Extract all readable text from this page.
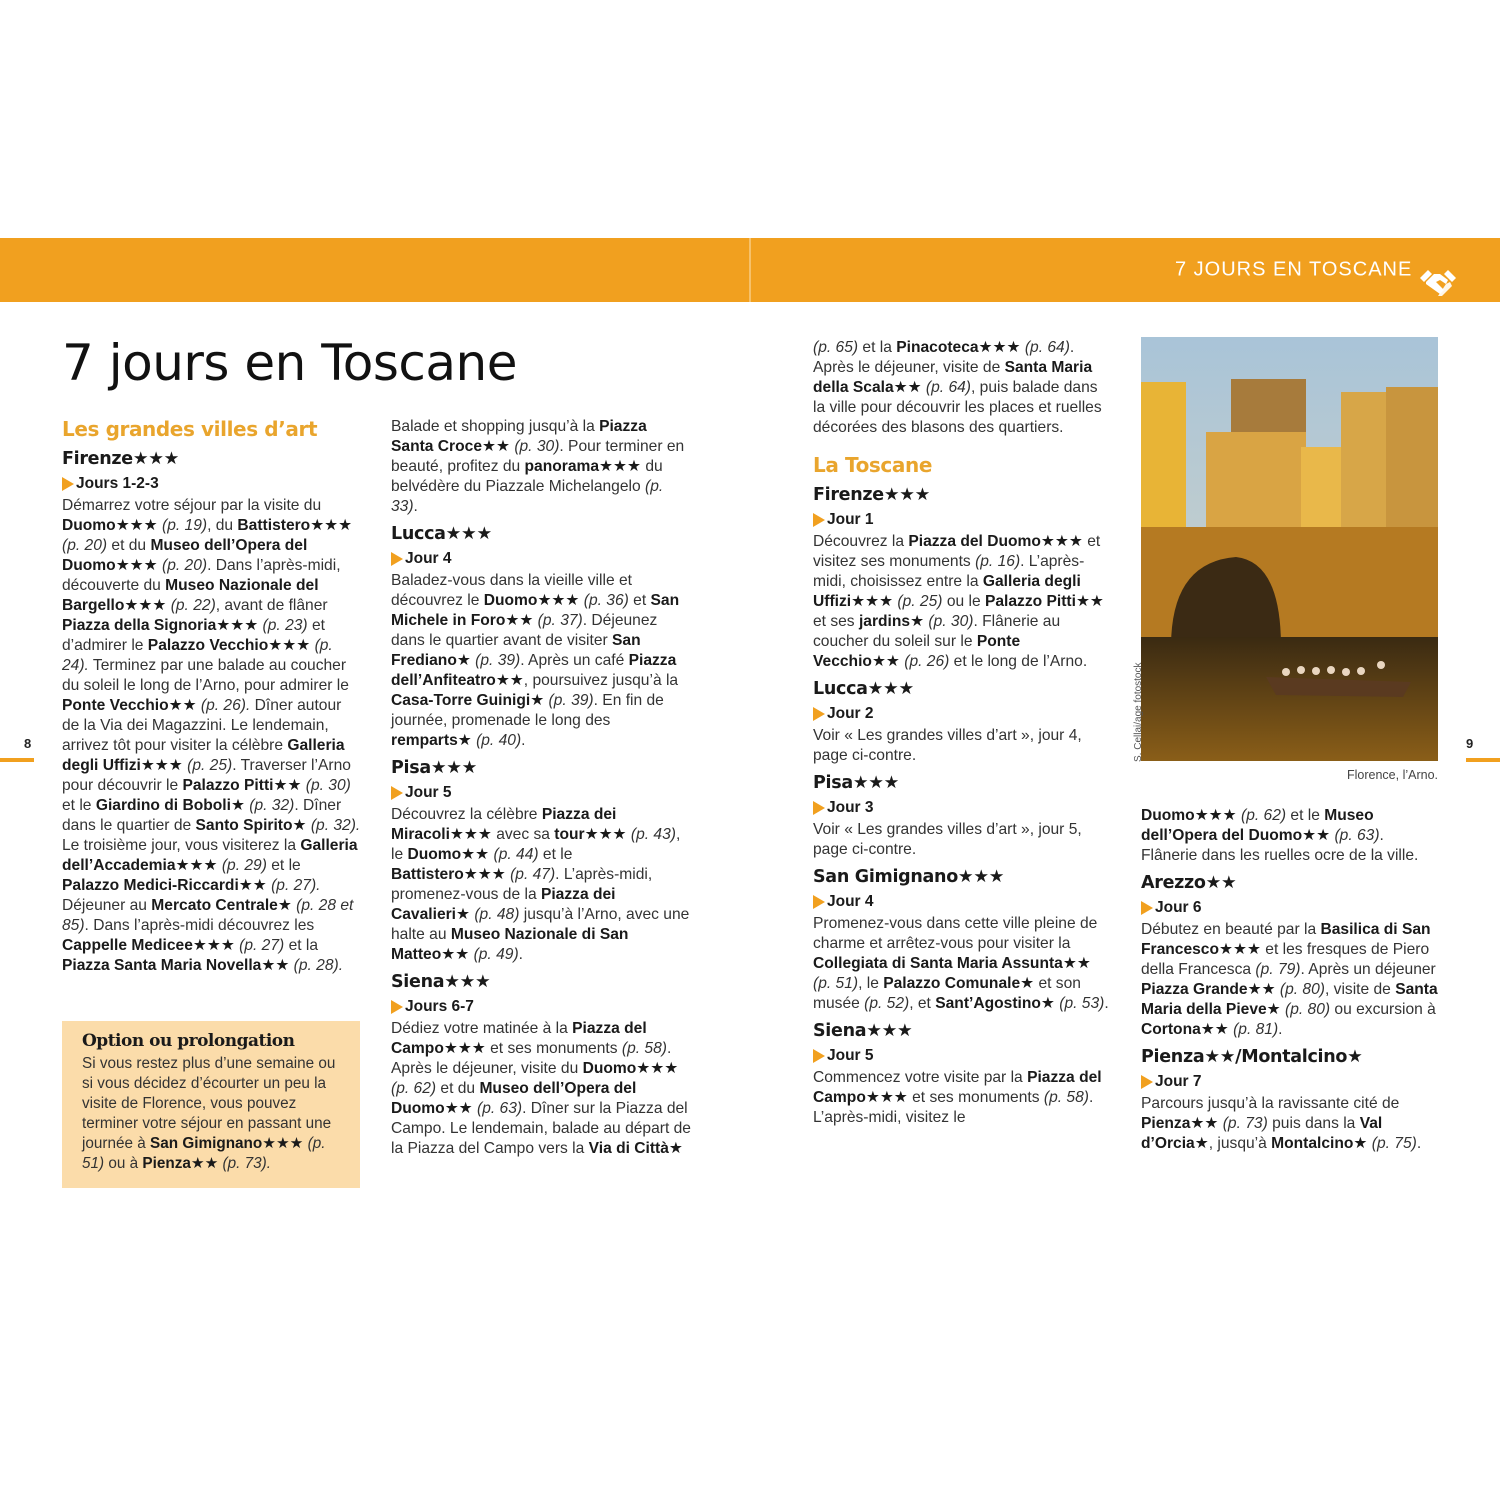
7 JOURS EN TOSCANE
7 jours en Toscane
Les grandes villes d’art
Firenze★★★
Jours 1-2-3

Démarrez votre séjour par la visite du Duomo★★★ (p. 19), du Battistero★★★ (p. 20) et du Museo dell’Opera del Duomo★★★ (p. 20). Dans l’après-midi, découverte du Museo Nazionale del Bargello★★★ (p. 22), avant de flâner Piazza della Signoria★★★ (p. 23) et d’admirer le Palazzo Vecchio★★★ (p. 24). Terminez par une balade au coucher du soleil le long de l’Arno, pour admirer le Ponte Vecchio★★ (p. 26). Dîner autour de la Via dei Magazzini. Le lendemain, arrivez tôt pour visiter la célèbre Galleria degli Uffizi★★★ (p. 25). Traverser l’Arno pour découvrir le Palazzo Pitti★★ (p. 30) et le Giardino di Boboli★ (p. 32). Dîner dans le quartier de Santo Spirito★ (p. 32). Le troisième jour, vous visiterez la Galleria dell’Accademia★★★ (p. 29) et le Palazzo Medici-Riccardi★★ (p. 27). Déjeuner au Mercato Centrale★ (p. 28 et 85). Dans l’après-midi découvrez les Cappelle Medicee★★★ (p. 27) et la Piazza Santa Maria Novella★★ (p. 28).

Option ou prolongation

Si vous restez plus d’une semaine ou si vous décidez d’écourter un peu la visite de Florence, vous pouvez terminer votre séjour en passant une journée à San Gimignano★★★ (p. 51) ou à Pienza★★ (p. 73).

Balade et shopping jusqu’à la Piazza Santa Croce★★ (p. 30). Pour terminer en beauté, profitez du panorama★★★ du belvédère du Piazzale Michelangelo (p. 33).

Lucca★★★
Jour 4

Baladez-vous dans la vieille ville et découvrez le Duomo★★★ (p. 36) et San Michele in Foro★★ (p. 37). Déjeunez dans le quartier avant de visiter San Frediano★ (p. 39). Après un café Piazza dell’Anfiteatro★★, poursuivez jusqu’à la Casa-Torre Guinigi★ (p. 39). En fin de journée, promenade le long des remparts★ (p. 40).

Pisa★★★
Jour 5

Découvrez la célèbre Piazza dei Miracoli★★★ avec sa tour★★★ (p. 43), le Duomo★★ (p. 44) et le Battistero★★★ (p. 47). L’après-midi, promenez-vous de la Piazza dei Cavalieri★ (p. 48) jusqu’à l’Arno, avec une halte au Museo Nazionale di San Matteo★★ (p. 49).

Siena★★★
Jours 6-7

Dédiez votre matinée à la Piazza del Campo★★★ et ses monuments (p. 58). Après le déjeuner, visite du Duomo★★★ (p. 62) et du Museo dell’Opera del Duomo★★ (p. 63). Dîner sur la Piazza del Campo. Le lendemain, balade au départ de la Piazza del Campo vers la Via di Città★

(p. 65) et la Pinacoteca★★★ (p. 64). Après le déjeuner, visite de Santa Maria della Scala★★ (p. 64), puis balade dans la ville pour découvrir les places et ruelles décorées des blasons des quartiers.

La Toscane
Firenze★★★
Jour 1

Découvrez la Piazza del Duomo★★★ et visitez ses monuments (p. 16). L’après-midi, choisissez entre la Galleria degli Uffizi★★★ (p. 25) ou le Palazzo Pitti★★ et ses jardins★ (p. 30). Flânerie au coucher du soleil sur le Ponte Vecchio★★ (p. 26) et le long de l’Arno.

Lucca★★★
Jour 2

Voir « Les grandes villes d’art », jour 4, page ci-contre.

Pisa★★★
Jour 3

Voir « Les grandes villes d’art », jour 5, page ci-contre.

San Gimignano★★★
Jour 4

Promenez-vous dans cette ville pleine de charme et arrêtez-vous pour visiter la Collegiata di Santa Maria Assunta★★ (p. 51), le Palazzo Comunale★ et son musée (p. 52), et Sant’Agostino★ (p. 53).

Siena★★★
Jour 5

Commencez votre visite par la Piazza del Campo★★★ et ses monuments (p. 58). L’après-midi, visitez le

S. Cellai/age fotostock
Florence, l’Arno.

Duomo★★★ (p. 62) et le Museo dell’Opera del Duomo★★ (p. 63). Flânerie dans les ruelles ocre de la ville.

Arezzo★★
Jour 6

Débutez en beauté par la Basilica di San Francesco★★★ et les fresques de Piero della Francesca (p. 79). Après un déjeuner Piazza Grande★★ (p. 80), visite de Santa Maria della Pieve★ (p. 80) ou excursion à Cortona★★ (p. 81).

Pienza★★/Montalcino★
Jour 7

Parcours jusqu’à la ravissante cité de Pienza★★ (p. 73) puis dans la Val d’Orcia★, jusqu’à Montalcino★ (p. 75).

8	9
